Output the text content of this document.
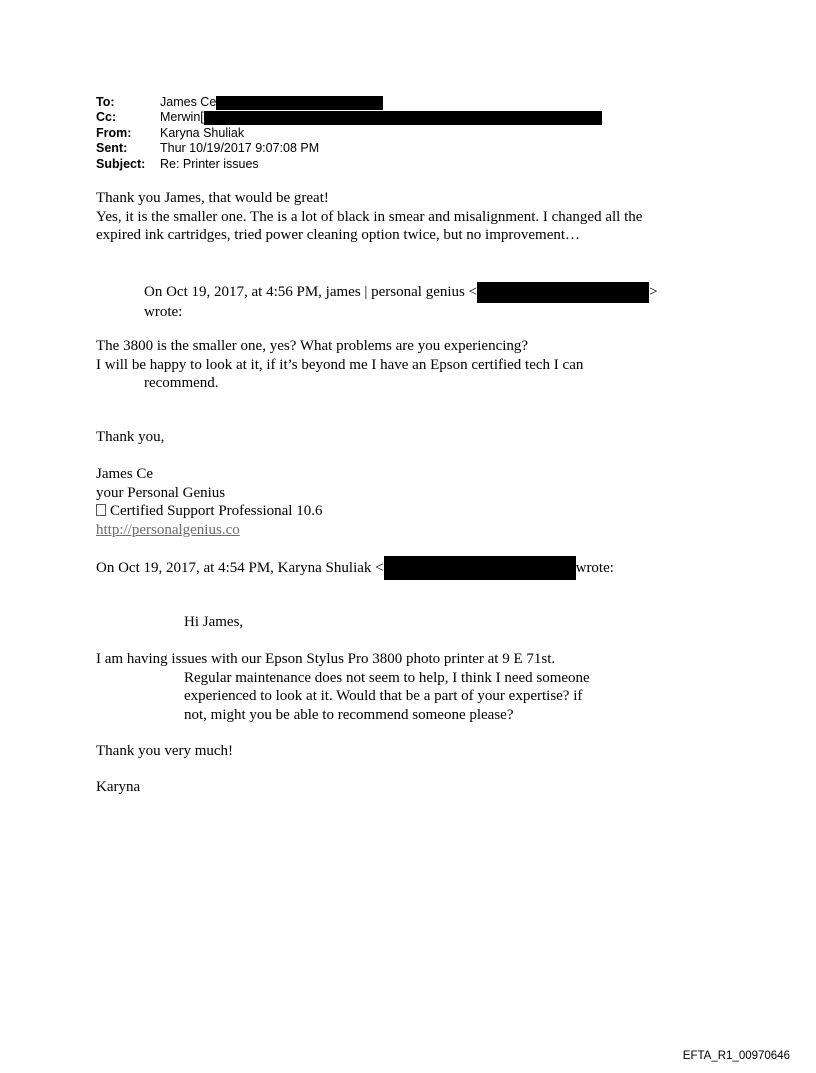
To:	James Ce
Cc:	Merwin[
From:	Karyna Shuliak
Sent:	Thur 10/19/2017 9:07:08 PM
Subject:	Re: Printer issues
Thank you James, that would be great!
Yes, it is the smaller one. The is a lot of black in smear and misalignment. I changed all the
expired ink cartridges, tried power cleaning option twice, but no improvement…
On Oct 19, 2017, at 4:56 PM, james | personal genius <	>
wrote:
The 3800 is the smaller one, yes? What problems are you experiencing?
I will be happy to look at it, if it’s beyond me I have an Epson certified tech I can
recommend.
Thank you,
James Ce
your Personal Genius
Certified Support Professional 10.6
http://personalgenius.co
On Oct 19, 2017, at 4:54 PM, Karyna Shuliak <	wrote:
Hi James,
I am having issues with our Epson Stylus Pro 3800 photo printer at 9 E 71st.
Regular maintenance does not seem to help, I think I need someone
experienced to look at it. Would that be a part of your expertise? if
not, might you be able to recommend someone please?
Thank you very much!
Karyna
EFTA_R1_00970646
